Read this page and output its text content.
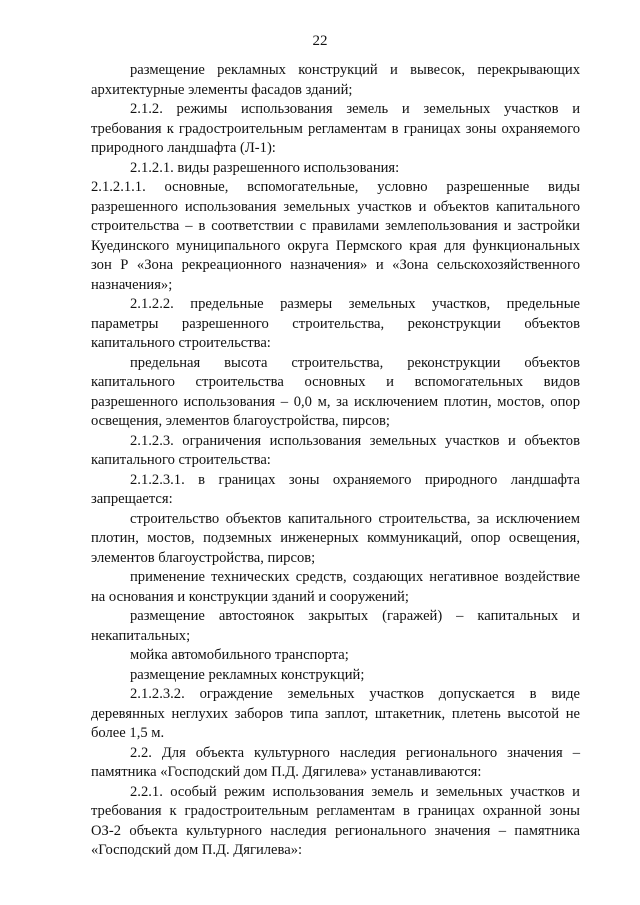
22

размещение рекламных конструкций и вывесок, перекрывающих архитектурные элементы фасадов зданий;

2.1.2. режимы использования земель и земельных участков и требования к градостроительным регламентам в границах зоны охраняемого природного ландшафта (Л-1):

2.1.2.1. виды разрешенного использования:

2.1.2.1.1. основные, вспомогательные, условно разрешенные виды разрешенного использования земельных участков и объектов капитального строительства – в соответствии с правилами землепользования и застройки Куединского муниципального округа Пермского края для функциональных зон Р «Зона рекреационного назначения» и «Зона сельскохозяйственного назначения»;

2.1.2.2. предельные размеры земельных участков, предельные параметры разрешенного строительства, реконструкции объектов капитального строительства:

предельная высота строительства, реконструкции объектов капитального строительства основных и вспомогательных видов разрешенного использования – 0,0 м, за исключением плотин, мостов, опор освещения, элементов благоустройства, пирсов;

2.1.2.3. ограничения использования земельных участков и объектов капитального строительства:

2.1.2.3.1. в границах зоны охраняемого природного ландшафта запрещается:

строительство объектов капитального строительства, за исключением плотин, мостов, подземных инженерных коммуникаций, опор освещения, элементов благоустройства, пирсов;

применение технических средств, создающих негативное воздействие на основания и конструкции зданий и сооружений;

размещение автостоянок закрытых (гаражей) – капитальных и некапитальных;

мойка автомобильного транспорта;

размещение рекламных конструкций;

2.1.2.3.2. ограждение земельных участков допускается в виде деревянных неглухих заборов типа заплот, штакетник, плетень высотой не более 1,5 м.

2.2. Для объекта культурного наследия регионального значения – памятника «Господский дом П.Д. Дягилева» устанавливаются:

2.2.1. особый режим использования земель и земельных участков и требования к градостроительным регламентам в границах охранной зоны ОЗ-2 объекта культурного наследия регионального значения – памятника «Господский дом П.Д. Дягилева»:
